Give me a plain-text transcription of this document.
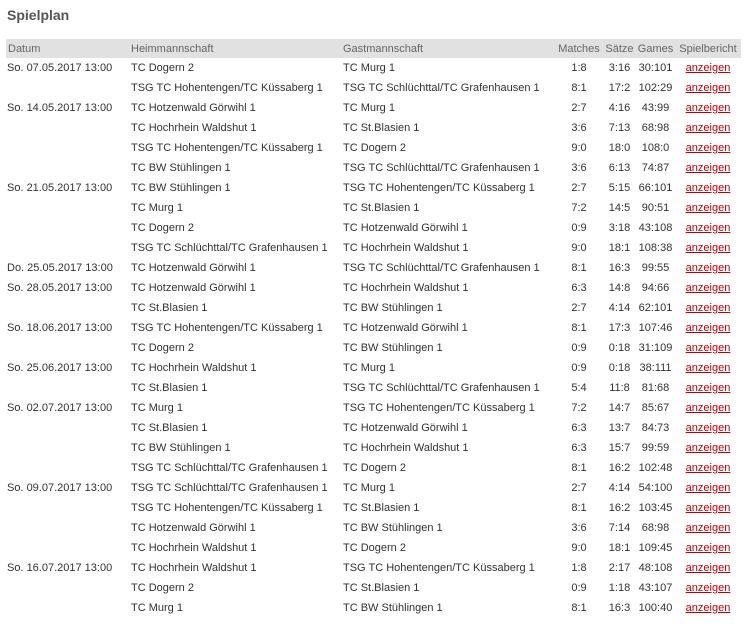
Spielplan
Datum	Heimmannschaft	Gastmannschaft	Matches	Sätze	Games	Spielbericht
So. 07.05.2017 13:00	TC Dogern 2	TC Murg 1	1:8	3:16	30:101	anzeigen
	TSG TC Hohentengen/TC Küssaberg 1	TSG TC Schlüchttal/TC Grafenhausen 1	8:1	17:2	102:29	anzeigen
So. 14.05.2017 13:00	TC Hotzenwald Görwihl 1	TC Murg 1	2:7	4:16	43:99	anzeigen
	TC Hochrhein Waldshut 1	TC St.Blasien 1	3:6	7:13	68:98	anzeigen
	TSG TC Hohentengen/TC Küssaberg 1	TC Dogern 2	9:0	18:0	108:0	anzeigen
	TC BW Stühlingen 1	TSG TC Schlüchttal/TC Grafenhausen 1	3:6	6:13	74:87	anzeigen
So. 21.05.2017 13:00	TC BW Stühlingen 1	TSG TC Hohentengen/TC Küssaberg 1	2:7	5:15	66:101	anzeigen
	TC Murg 1	TC St.Blasien 1	7:2	14:5	90:51	anzeigen
	TC Dogern 2	TC Hotzenwald Görwihl 1	0:9	3:18	43:108	anzeigen
	TSG TC Schlüchttal/TC Grafenhausen 1	TC Hochrhein Waldshut 1	9:0	18:1	108:38	anzeigen
Do. 25.05.2017 13:00	TC Hotzenwald Görwihl 1	TSG TC Schlüchttal/TC Grafenhausen 1	8:1	16:3	99:55	anzeigen
So. 28.05.2017 13:00	TC Hotzenwald Görwihl 1	TC Hochrhein Waldshut 1	6:3	14:8	94:66	anzeigen
	TC St.Blasien 1	TC BW Stühlingen 1	2:7	4:14	62:101	anzeigen
So. 18.06.2017 13:00	TSG TC Hohentengen/TC Küssaberg 1	TC Hotzenwald Görwihl 1	8:1	17:3	107:46	anzeigen
	TC Dogern 2	TC BW Stühlingen 1	0:9	0:18	31:109	anzeigen
So. 25.06.2017 13:00	TC Hochrhein Waldshut 1	TC Murg 1	0:9	0:18	38:111	anzeigen
	TC St.Blasien 1	TSG TC Schlüchttal/TC Grafenhausen 1	5:4	11:8	81:68	anzeigen
So. 02.07.2017 13:00	TC Murg 1	TSG TC Hohentengen/TC Küssaberg 1	7:2	14:7	85:67	anzeigen
	TC St.Blasien 1	TC Hotzenwald Görwihl 1	6:3	13:7	84:73	anzeigen
	TC BW Stühlingen 1	TC Hochrhein Waldshut 1	6:3	15:7	99:59	anzeigen
	TSG TC Schlüchttal/TC Grafenhausen 1	TC Dogern 2	8:1	16:2	102:48	anzeigen
So. 09.07.2017 13:00	TSG TC Schlüchttal/TC Grafenhausen 1	TC Murg 1	2:7	4:14	54:100	anzeigen
	TSG TC Hohentengen/TC Küssaberg 1	TC St.Blasien 1	8:1	16:2	103:45	anzeigen
	TC Hotzenwald Görwihl 1	TC BW Stühlingen 1	3:6	7:14	68:98	anzeigen
	TC Hochrhein Waldshut 1	TC Dogern 2	9:0	18:1	109:45	anzeigen
So. 16.07.2017 13:00	TC Hochrhein Waldshut 1	TSG TC Hohentengen/TC Küssaberg 1	1:8	2:17	48:108	anzeigen
	TC Dogern 2	TC St.Blasien 1	0:9	1:18	43:107	anzeigen
	TC Murg 1	TC BW Stühlingen 1	8:1	16:3	100:40	anzeigen
